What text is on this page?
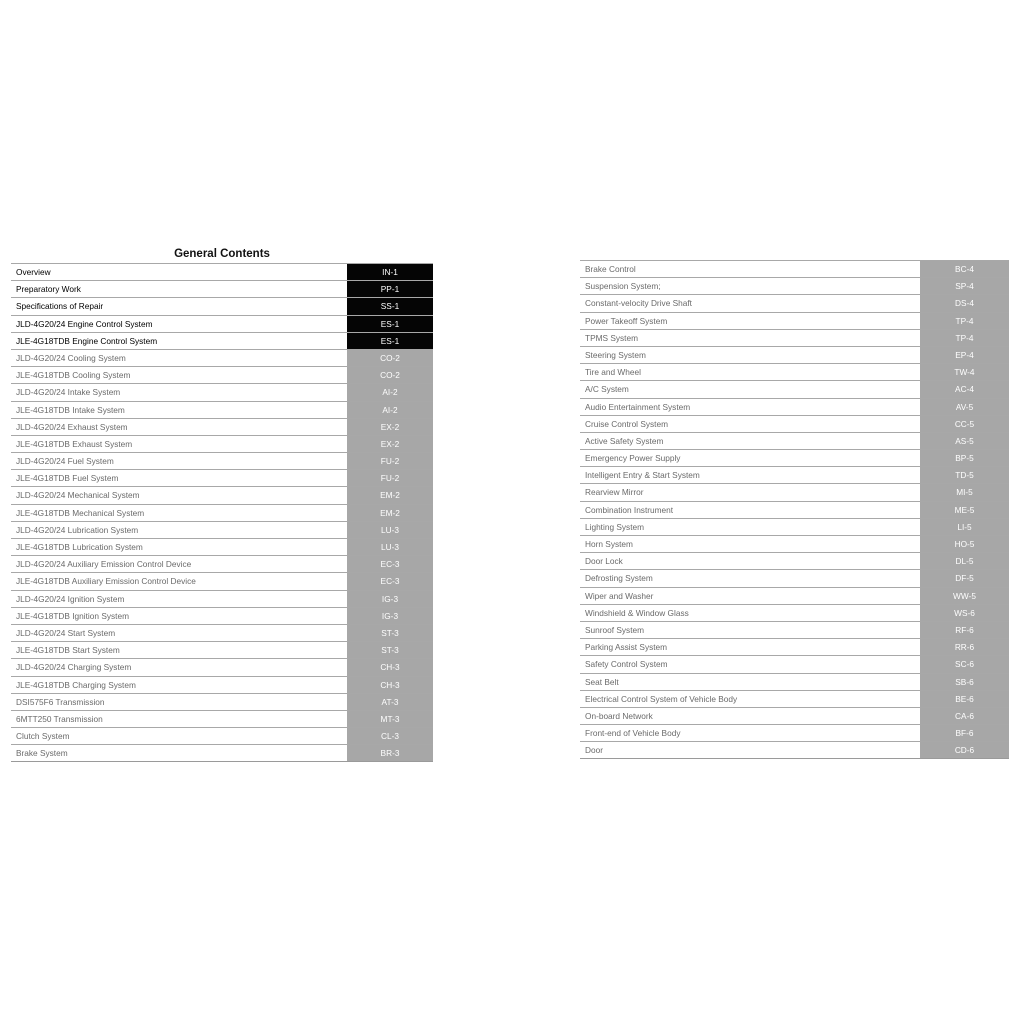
General Contents
Overview	IN-1
Preparatory Work	PP-1
Specifications of Repair	SS-1
JLD-4G20/24 Engine Control System	ES-1
JLE-4G18TDB Engine Control System	ES-1
JLD-4G20/24 Cooling System	CO-2
JLE-4G18TDB Cooling System	CO-2
JLD-4G20/24 Intake System	AI-2
JLE-4G18TDB Intake System	AI-2
JLD-4G20/24 Exhaust System	EX-2
JLE-4G18TDB Exhaust System	EX-2
JLD-4G20/24 Fuel System	FU-2
JLE-4G18TDB Fuel System	FU-2
JLD-4G20/24 Mechanical System	EM-2
JLE-4G18TDB Mechanical System	EM-2
JLD-4G20/24 Lubrication System	LU-3
JLE-4G18TDB Lubrication System	LU-3
JLD-4G20/24 Auxiliary Emission Control Device	EC-3
JLE-4G18TDB Auxiliary Emission Control Device	EC-3
JLD-4G20/24 Ignition System	IG-3
JLE-4G18TDB Ignition System	IG-3
JLD-4G20/24 Start System	ST-3
JLE-4G18TDB Start System	ST-3
JLD-4G20/24 Charging System	CH-3
JLE-4G18TDB Charging System	CH-3
DSI575F6 Transmission	AT-3
6MTT250 Transmission	MT-3
Clutch System	CL-3
Brake System	BR-3
Brake Control	BC-4
Suspension System;	SP-4
Constant-velocity Drive Shaft	DS-4
Power Takeoff System	TP-4
TPMS System	TP-4
Steering System	EP-4
Tire and Wheel	TW-4
A/C System	AC-4
Audio Entertainment System	AV-5
Cruise Control System	CC-5
Active Safety System	AS-5
Emergency Power Supply	BP-5
Intelligent Entry & Start System	TD-5
Rearview Mirror	MI-5
Combination Instrument	ME-5
Lighting System	LI-5
Horn System	HO-5
Door Lock	DL-5
Defrosting System	DF-5
Wiper and Washer	WW-5
Windshield & Window Glass	WS-6
Sunroof System	RF-6
Parking Assist System	RR-6
Safety Control System	SC-6
Seat Belt	SB-6
Electrical Control System of Vehicle Body	BE-6
On-board Network	CA-6
Front-end of Vehicle Body	BF-6
Door	CD-6
